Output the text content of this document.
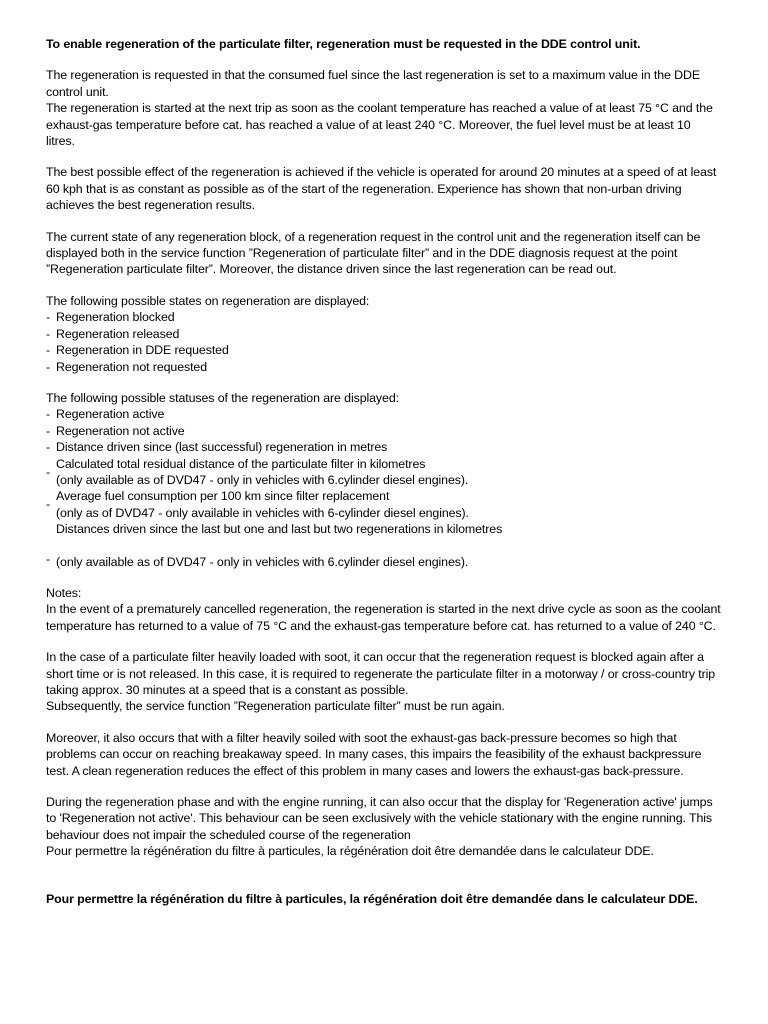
To enable regeneration of the particulate filter, regeneration must be requested in the DDE control unit.

The regeneration is requested in that the consumed fuel since the last regeneration is set to a maximum value in the DDE control unit.

The regeneration is started at the next trip as soon as the coolant temperature has reached a value of at least 75 °C and the exhaust-gas temperature before cat. has reached a value of at least 240 °C. Moreover, the fuel level must be at least 10 litres.

The best possible effect of the regeneration is achieved if the vehicle is operated for around 20 minutes at a speed of at least 60 kph that is as constant as possible as of the start of the regeneration. Experience has shown that non-urban driving achieves the best regeneration results.

The current state of any regeneration block, of a regeneration request in the control unit and the regeneration itself can be displayed both in the service function ”Regeneration of particulate filter” and in the DDE diagnosis request at the point ”Regeneration particulate filter”. Moreover, the distance driven since the last regeneration can be read out.

The following possible states on regeneration are displayed:

- Regeneration blocked
- Regeneration released
- Regeneration in DDE requested
- Regeneration not requested

The following possible statuses of the regeneration are displayed:

- Regeneration active
- Regeneration not active
- Distance driven since (last successful) regeneration in metres
- Calculated total residual distance of the particulate filter in kilometres
(only available as of DVD47 - only in vehicles with 6.cylinder diesel engines).
- Average fuel consumption per 100 km since filter replacement
(only as of DVD47 - only available in vehicles with 6-cylinder diesel engines).
- Distances driven since the last but one and last but two regenerations in kilometres
(only available as of DVD47 - only in vehicles with 6.cylinder diesel engines).

Notes:

In the event of a prematurely cancelled regeneration, the regeneration is started in the next drive cycle as soon as the coolant temperature has returned to a value of 75 °C and the exhaust-gas temperature before cat. has returned to a value of 240 °C.

In the case of a particulate filter heavily loaded with soot, it can occur that the regeneration request is blocked again after a short time or is not released. In this case, it is required to regenerate the particulate filter in a motorway / or cross-country trip taking approx. 30 minutes at a speed that is a constant as possible.

Subsequently, the service function ”Regeneration particulate filter” must be run again.

Moreover, it also occurs that with a filter heavily soiled with soot the exhaust-gas back-pressure becomes so high that problems can occur on reaching breakaway speed. In many cases, this impairs the feasibility of the exhaust backpressure test. A clean regeneration reduces the effect of this problem in many cases and lowers the exhaust-gas back-pressure.

During the regeneration phase and with the engine running, it can also occur that the display for 'Regeneration active' jumps to 'Regeneration not active'. This behaviour can be seen exclusively with the vehicle stationary with the engine running. This behaviour does not impair the scheduled course of the regeneration

Pour permettre la régénération du filtre à particules, la régénération doit être demandée dans le calculateur DDE.

Pour permettre la régénération du filtre à particules, la régénération doit être demandée dans le calculateur DDE.
